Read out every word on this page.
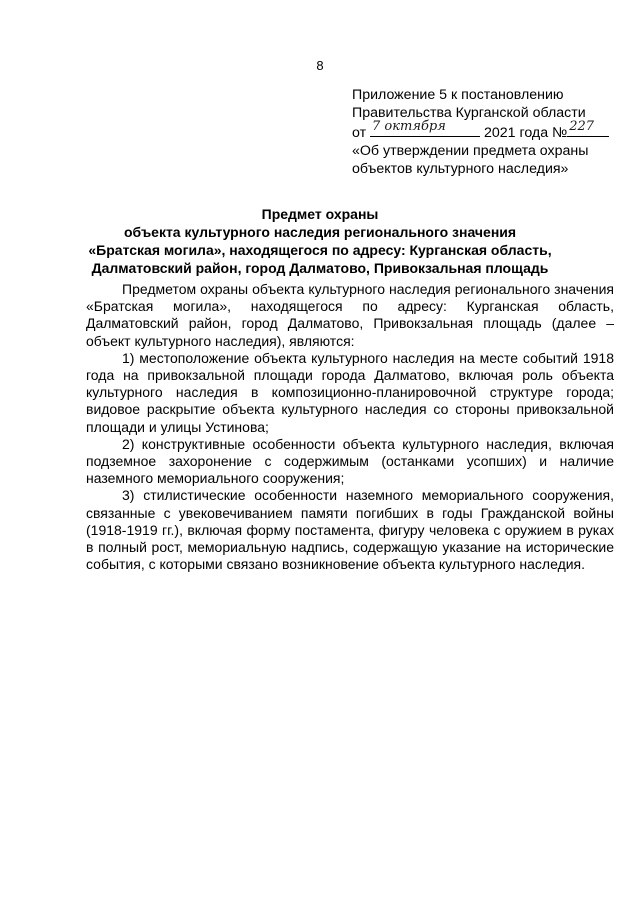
8
Приложение 5 к постановлению
Правительства Курганской области
от 7 октября	2021 года № 227
«Об утверждении предмета охраны
объектов культурного наследия»
Предмет охраны
объекта культурного наследия регионального значения
«Братская могила», находящегося по адресу: Курганская область,
Далматовский район, город Далматово, Привокзальная площадь

Предметом охраны объекта культурного наследия регионального значения «Братская могила», находящегося по адресу: Курганская область, Далматовский район, город Далматово, Привокзальная площадь (далее – объект культурного наследия), являются:

1) местоположение объекта культурного наследия на месте событий 1918 года на привокзальной площади города Далматово, включая роль объекта культурного наследия в композиционно-планировочной структуре города; видовое раскрытие объекта культурного наследия со стороны привокзальной площади и улицы Устинова;

2) конструктивные особенности объекта культурного наследия, включая подземное захоронение с содержимым (останками усопших) и наличие наземного мемориального сооружения;

3) стилистические особенности наземного мемориального сооружения, связанные с увековечиванием памяти погибших в годы Гражданской войны (1918-1919 гг.), включая форму постамента, фигуру человека с оружием в руках в полный рост, мемориальную надпись, содержащую указание на исторические события, с которыми связано возникновение объекта культурного наследия.
